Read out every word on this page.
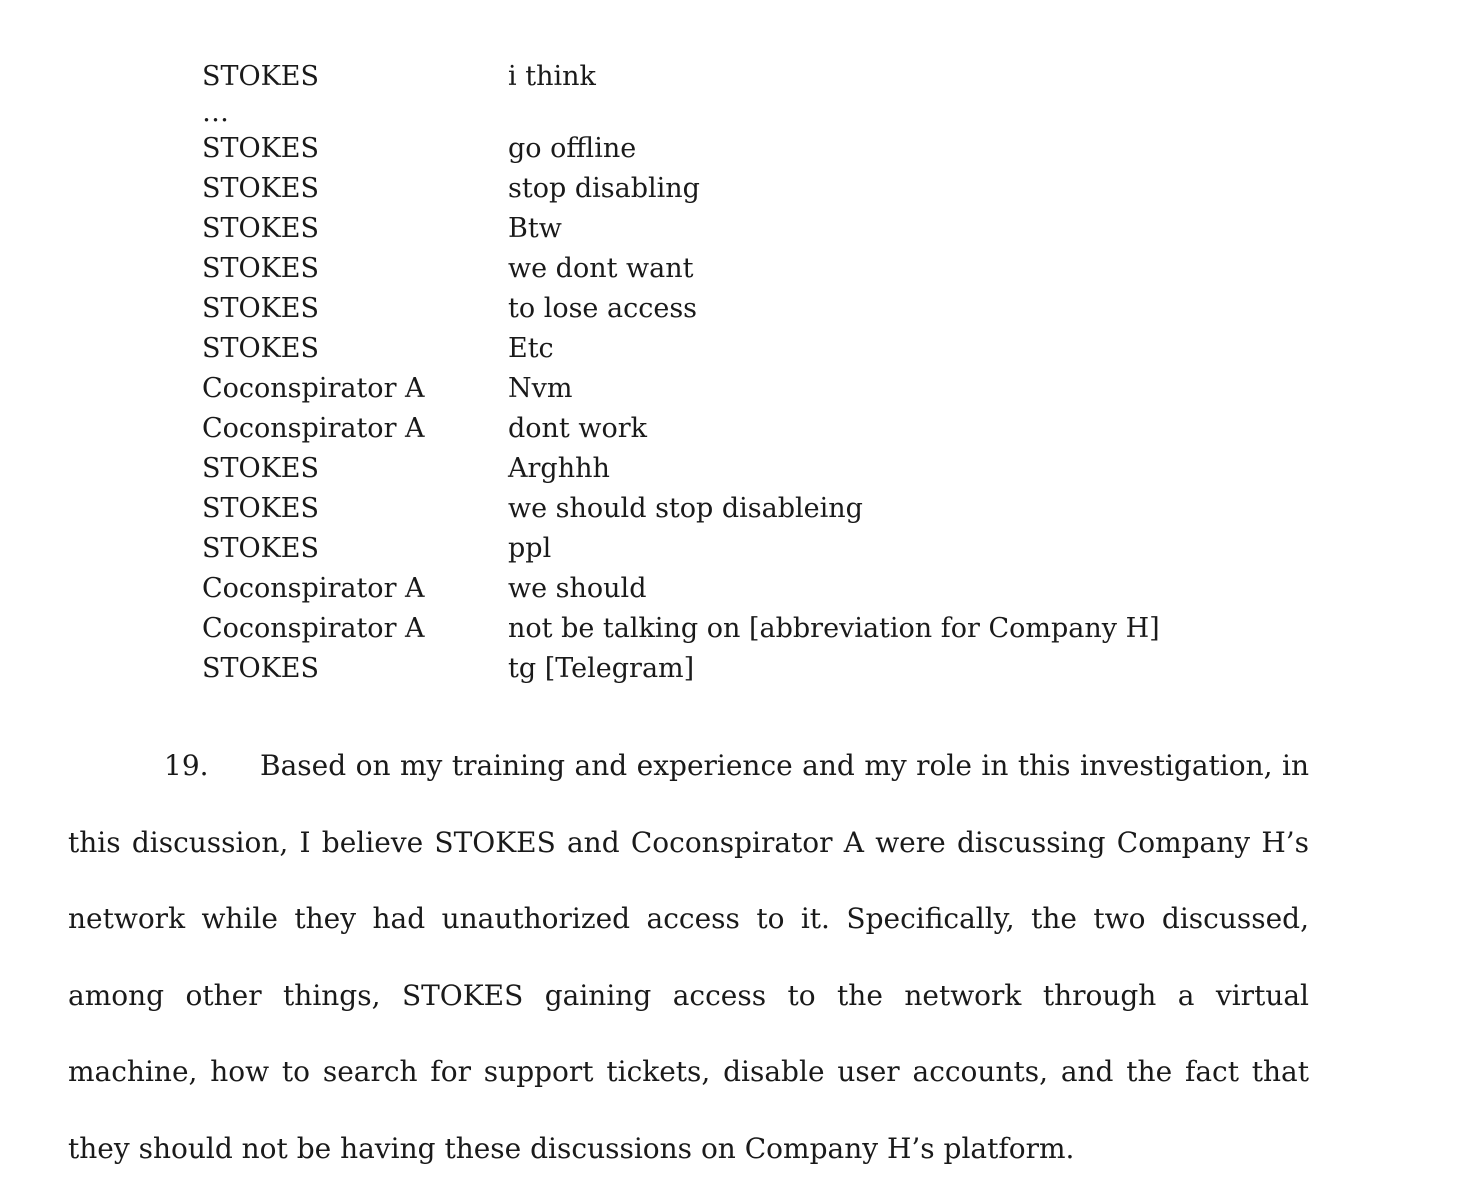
STOKES	i think
…
STOKES	go offline
STOKES	stop disabling
STOKES	Btw
STOKES	we dont want
STOKES	to lose access
STOKES	Etc
Coconspirator A	Nvm
Coconspirator A	dont work
STOKES	Arghhh
STOKES	we should stop disableing
STOKES	ppl
Coconspirator A	we should
Coconspirator A	not be talking on [abbreviation for Company H]
STOKES	tg [Telegram]

19. Based on my training and experience and my role in this investigation, in this discussion, I believe STOKES and Coconspirator A were discussing Company H’s network while they had unauthorized access to it. Specifically, the two discussed, among other things, STOKES gaining access to the network through a virtual machine, how to search for support tickets, disable user accounts, and the fact that they should not be having these discussions on Company H’s platform.
